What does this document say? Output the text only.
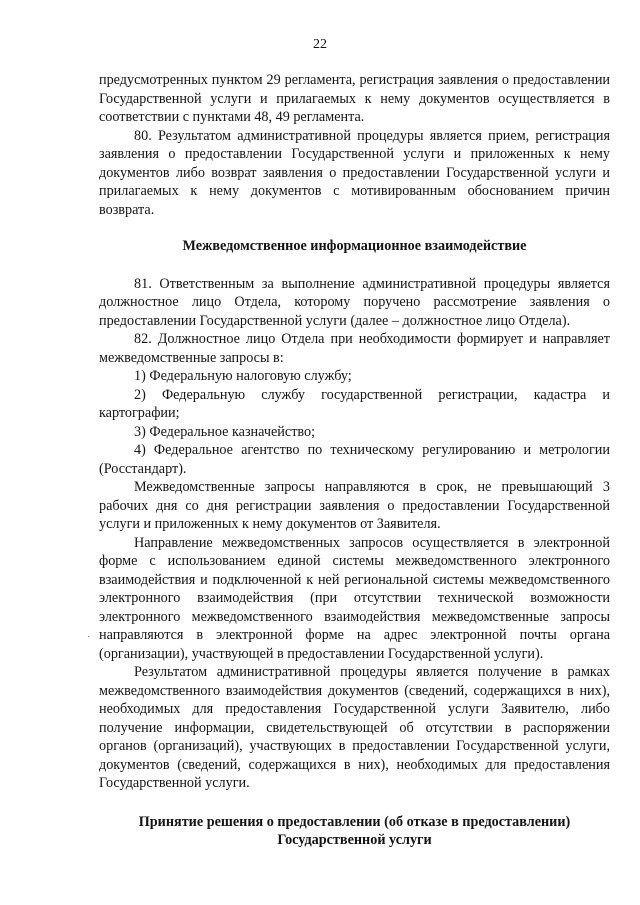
22
·

предусмотренных пунктом 29 регламента, регистрация заявления о предоставлении Государственной услуги и прилагаемых к нему документов осуществляется в соответствии с пунктами 48, 49 регламента.

80. Результатом административной процедуры является прием, регистрация заявления о предоставлении Государственной услуги и приложенных к нему документов либо возврат заявления о предоставлении Государственной услуги и прилагаемых к нему документов с мотивированным обоснованием причин возврата.

Межведомственное информационное взаимодействие

81. Ответственным за выполнение административной процедуры является должностное лицо Отдела, которому поручено рассмотрение заявления о предоставлении Государственной услуги (далее – должностное лицо Отдела).

82. Должностное лицо Отдела при необходимости формирует и направляет межведомственные запросы в:

1) Федеральную налоговую службу;

2) Федеральную службу государственной регистрации, кадастра и картографии;

3) Федеральное казначейство;

4) Федеральное агентство по техническому регулированию и метрологии (Росстандарт).

Межведомственные запросы направляются в срок, не превышающий 3 рабочих дня со дня регистрации заявления о предоставлении Государственной услуги и приложенных к нему документов от Заявителя.

Направление межведомственных запросов осуществляется в электронной форме с использованием единой системы межведомственного электронного взаимодействия и подключенной к ней региональной системы межведомственного электронного взаимодействия (при отсутствии технической возможности электронного межведомственного взаимодействия межведомственные запросы направляются в электронной форме на адрес электронной почты органа (организации), участвующей в предоставлении Государственной услуги).

Результатом административной процедуры является получение в рамках межведомственного взаимодействия документов (сведений, содержащихся в них), необходимых для предоставления Государственной услуги Заявителю, либо получение информации, свидетельствующей об отсутствии в распоряжении органов (организаций), участвующих в предоставлении Государственной услуги, документов (сведений, содержащихся в них), необходимых для предоставления Государственной услуги.

Принятие решения о предоставлении (об отказе в предоставлении) Государственной услуги
